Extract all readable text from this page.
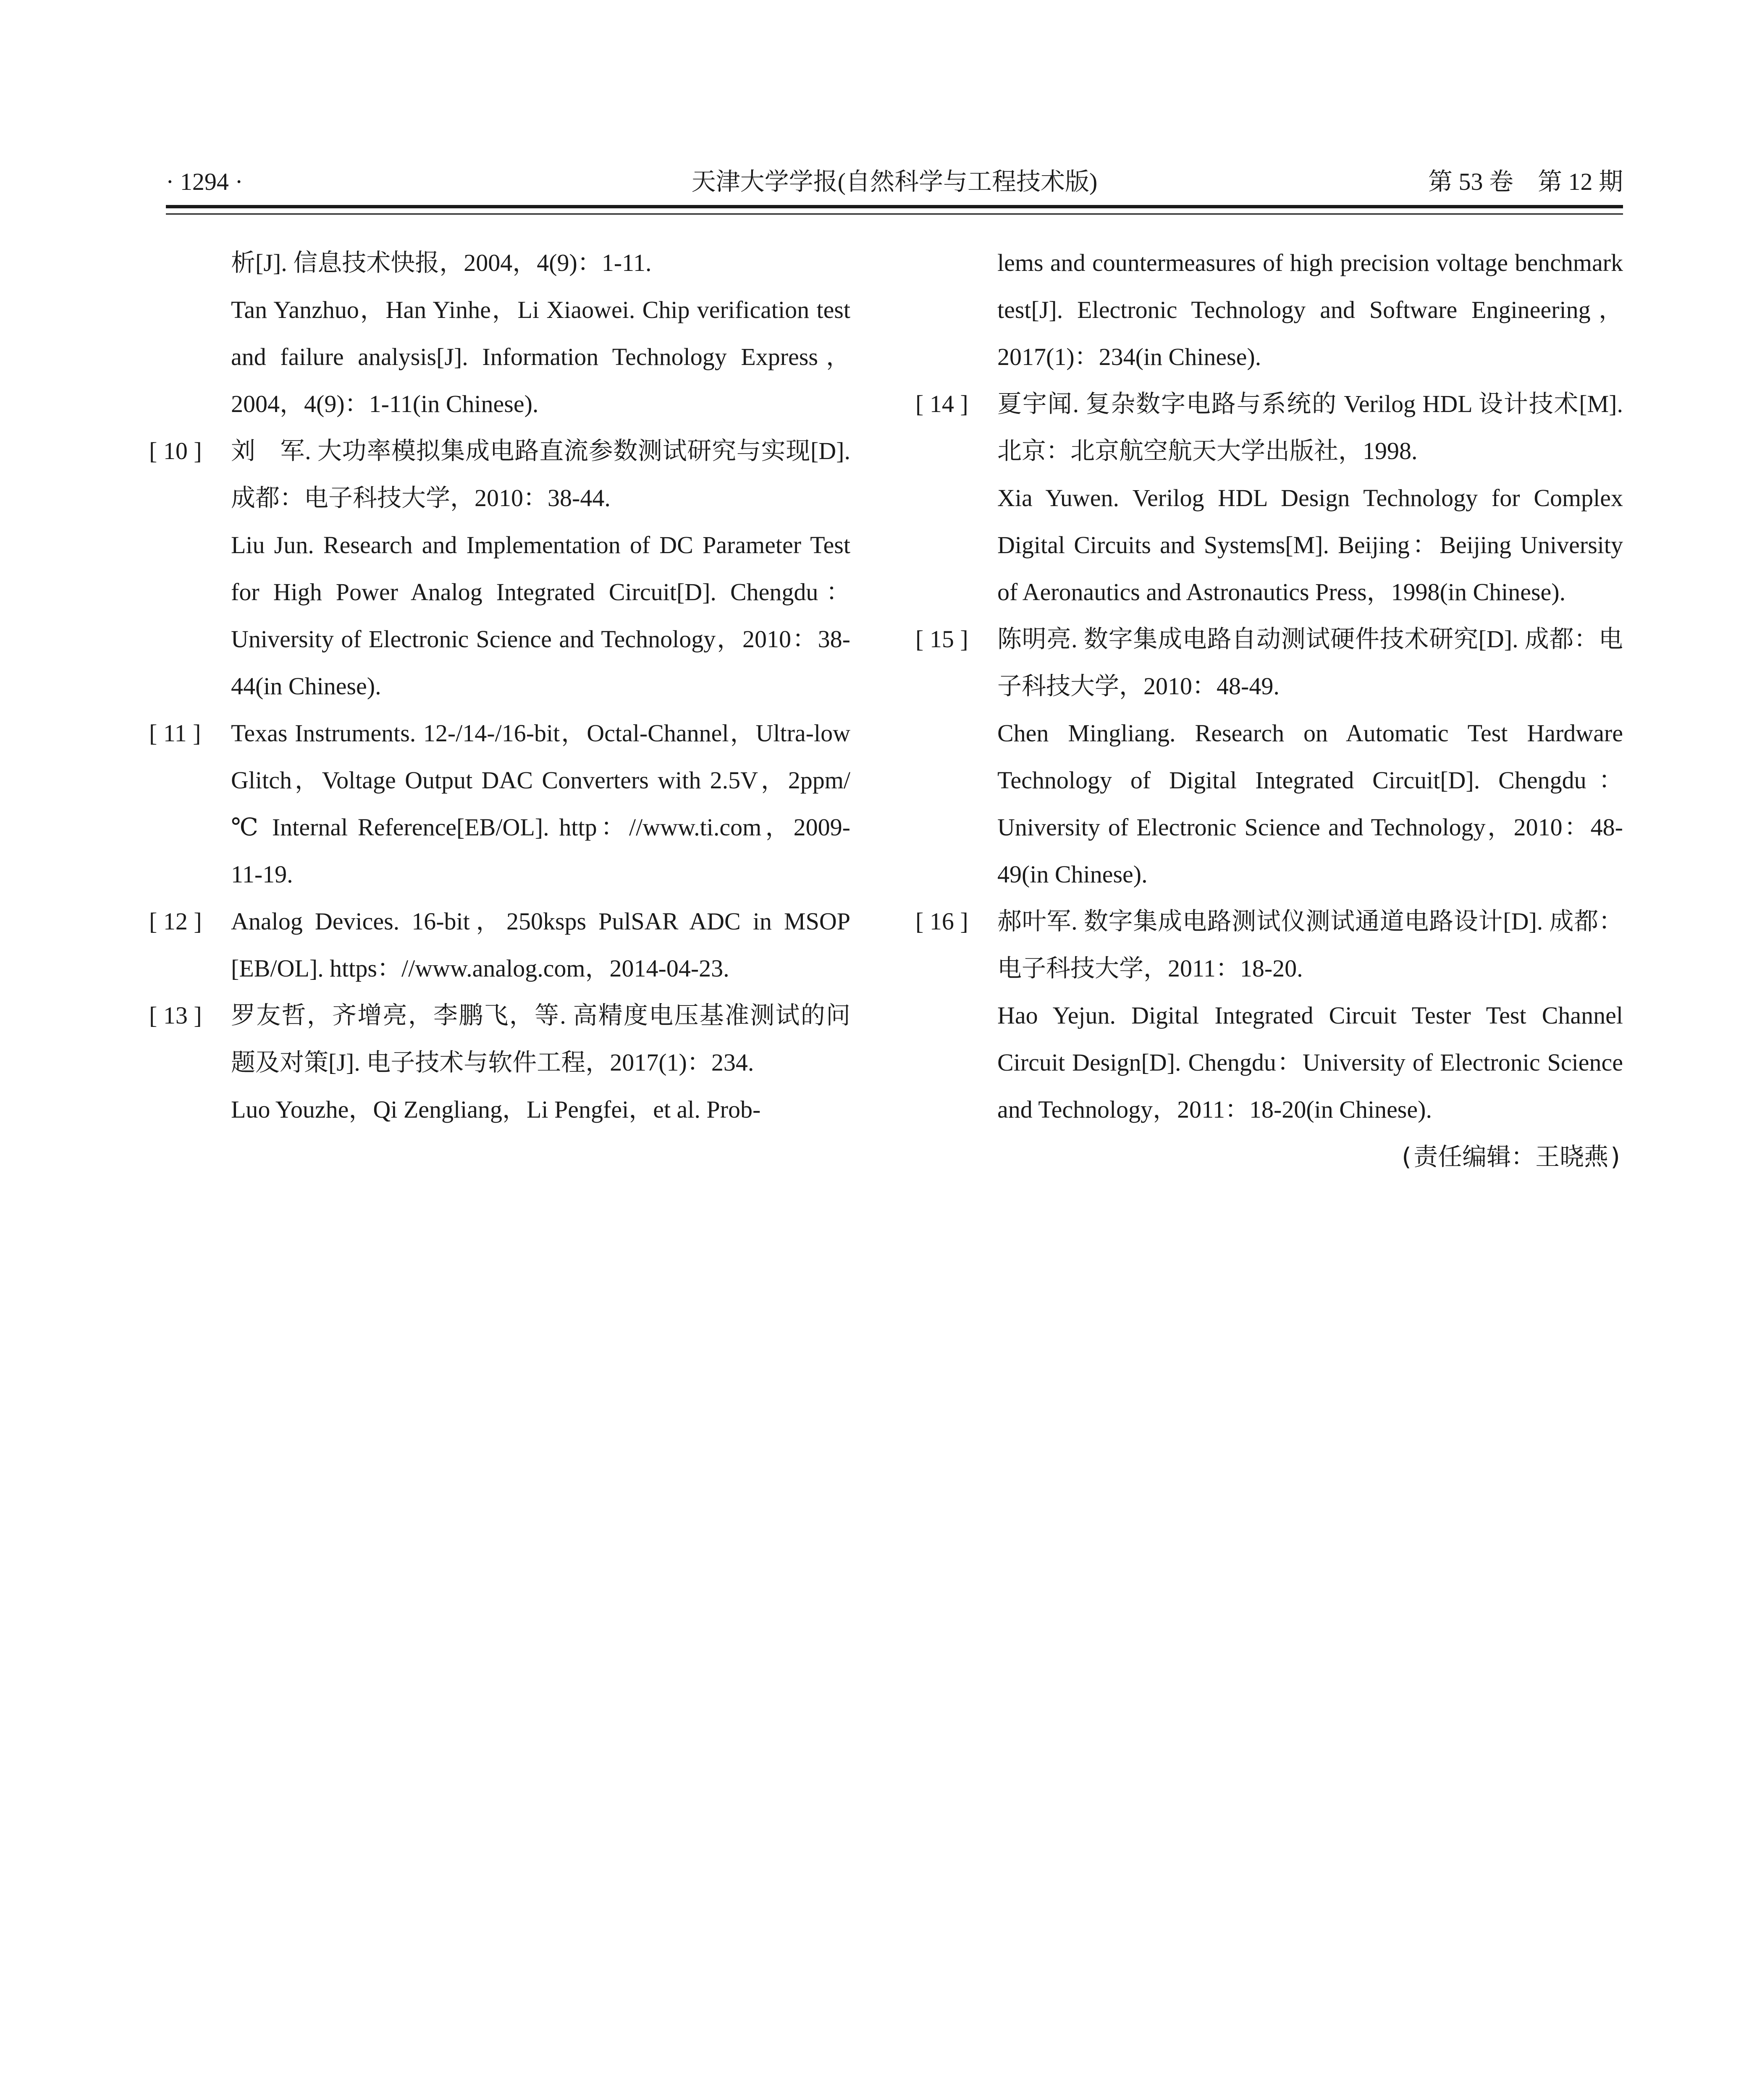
· 1294 ·	天津大学学报(自然科学与工程技术版)	第 53 卷　第 12 期
析[J]. 信息技术快报，2004，4(9)：1-11.
Tan Yanzhuo，Han Yinhe，Li Xiaowei. Chip verification test and failure analysis[J]. Information Technology Express，2004，4(9)：1-11(in Chinese).
[ 10 ]	刘　军. 大功率模拟集成电路直流参数测试研究与实现[D]. 成都：电子科技大学，2010：38-44.
Liu Jun. Research and Implementation of DC Parameter Test for High Power Analog Integrated Circuit[D]. Chengdu：University of Electronic Science and Technology，2010：38-44(in Chinese).
[ 11 ]	Texas Instruments. 12-/14-/16-bit，Octal-Channel，Ultra-low Glitch，Voltage Output DAC Converters with 2.5V，2ppm/℃ Internal Reference[EB/OL]. http：//www.ti.com，2009-11-19.
[ 12 ]	Analog Devices. 16-bit，250ksps PulSAR ADC in MSOP [EB/OL]. https：//www.analog.com，2014-04-23.
[ 13 ]	罗友哲，齐增亮，李鹏飞，等. 高精度电压基准测试的问题及对策[J]. 电子技术与软件工程，2017(1)：234.
Luo Youzhe，Qi Zengliang，Li Pengfei，et al. Prob-
lems and countermeasures of high precision voltage benchmark test[J]. Electronic Technology and Software Engineering，2017(1)：234(in Chinese).
[ 14 ]	夏宇闻. 复杂数字电路与系统的 Verilog HDL 设计技术[M]. 北京：北京航空航天大学出版社，1998.
Xia Yuwen. Verilog HDL Design Technology for Complex Digital Circuits and Systems[M]. Beijing：Beijing University of Aeronautics and Astronautics Press，1998(in Chinese).
[ 15 ]	陈明亮. 数字集成电路自动测试硬件技术研究[D]. 成都：电子科技大学，2010：48-49.
Chen Mingliang. Research on Automatic Test Hardware Technology of Digital Integrated Circuit[D]. Chengdu：University of Electronic Science and Technology，2010：48-49(in Chinese).
[ 16 ]	郝叶军. 数字集成电路测试仪测试通道电路设计[D]. 成都：电子科技大学，2011：18-20.
Hao Yejun. Digital Integrated Circuit Tester Test Channel Circuit Design[D]. Chengdu：University of Electronic Science and Technology，2011：18-20(in Chinese).
(责任编辑：王晓燕)
